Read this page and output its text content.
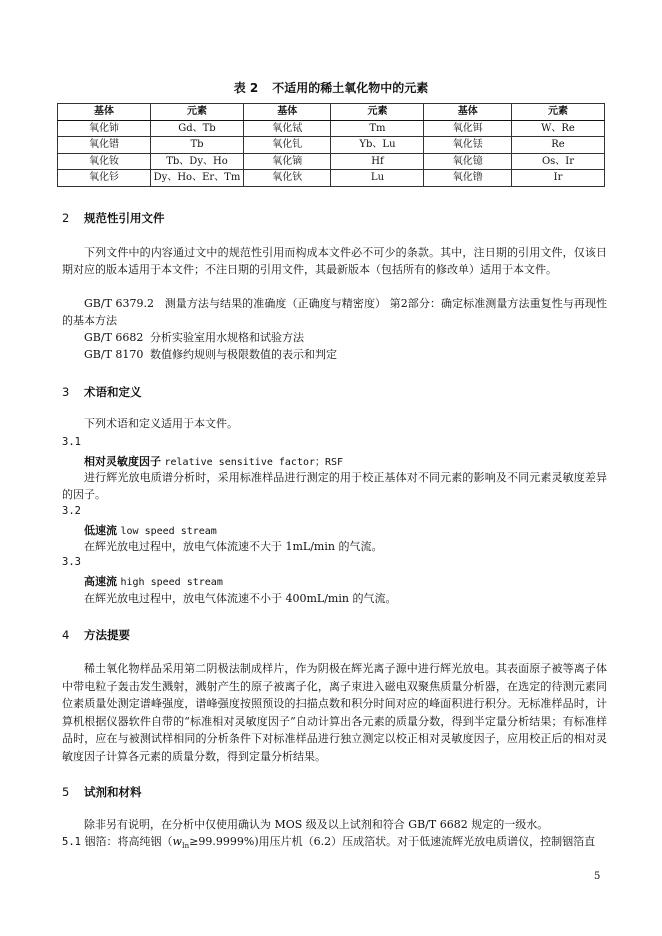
表 2 不适用的稀土氧化物中的元素
基体	元素	基体	元素	基体	元素
氧化铈	Gd、Tb	氧化铽	Tm	氧化铒	W、Re
氧化镨	Tb	氧化钆	Yb、Lu	氧化铥	Re
氧化钕	Tb、Dy、Ho	氧化镝	Hf	氧化镱	Os、Ir
氧化钐	Dy、Ho、Er、Tm	氧化钬	Lu	氧化镥	Ir
2 规范性引用文件
下列文件中的内容通过文中的规范性引用而构成本文件必不可少的条款。其中，注日期的引用文件，仅该日期对应的版本适用于本文件；不注日期的引用文件，其最新版本（包括所有的修改单）适用于本文件。
GB/T 6379.2 测量方法与结果的准确度（正确度与精密度） 第2部分：确定标准测量方法重复性与再现性的基本方法
GB/T 6682 分析实验室用水规格和试验方法
GB/T 8170 数值修约规则与极限数值的表示和判定
3 术语和定义
下列术语和定义适用于本文件。
3.1
相对灵敏度因子 relative sensitive factor；RSF
进行辉光放电质谱分析时，采用标准样品进行测定的用于校正基体对不同元素的影响及不同元素灵敏度差异的因子。
3.2
低速流 low speed stream
在辉光放电过程中，放电气体流速不大于 1mL/min 的气流。
3.3
高速流 high speed stream
在辉光放电过程中，放电气体流速不小于 400mL/min 的气流。
4 方法提要
稀土氧化物样品采用第二阴极法制成样片，作为阴极在辉光离子源中进行辉光放电。其表面原子被等离子体中带电粒子轰击发生溅射，溅射产生的原子被离子化，离子束进入磁电双聚焦质量分析器，在选定的待测元素同位素质量处测定谱峰强度，谱峰强度按照预设的扫描点数和积分时间对应的峰面积进行积分。无标准样品时，计算机根据仪器软件自带的“标准相对灵敏度因子”自动计算出各元素的质量分数，得到半定量分析结果；有标准样品时，应在与被测试样相同的分析条件下对标准样品进行独立测定以校正相对灵敏度因子，应用校正后的相对灵敏度因子计算各元素的质量分数，得到定量分析结果。
5 试剂和材料
除非另有说明，在分析中仅使用确认为 MOS 级及以上试剂和符合 GB/T 6682 规定的一级水。
5.1 铟箔：将高纯铟$(w_{In}\ge 99.9999\%)$用压片机（6.2）压成箔状。对于低速流辉光放电质谱仪，控制铟箔直
5
